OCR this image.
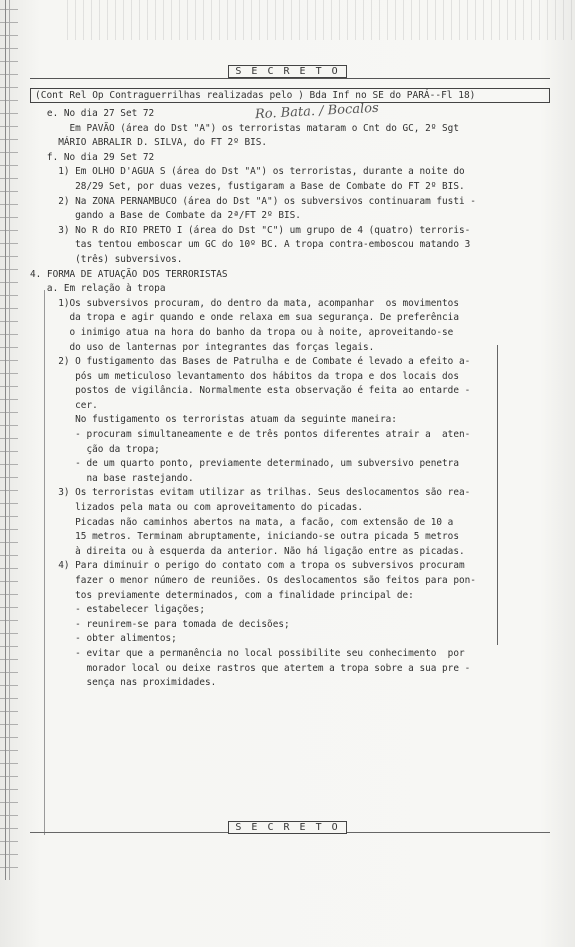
S E C R E T O
(Cont Rel Op Contraguerrilhas realizadas pelo ) Bda Inf no SE do PARÁ--Fl 18)
Ro. Bata. / Bocalos

e. No dia 27 Set 72

Em PAVÃO (área do Dst "A") os terroristas mataram o Cnt do GC, 2º Sgt

MÁRIO ABRALIR D. SILVA, do FT 2º BIS.

f. No dia 29 Set 72

1) Em OLHO D'AGUA S (área do Dst "A") os terroristas, durante a noite do

28/29 Set, por duas vezes, fustigaram a Base de Combate do FT 2º BIS.

2) Na ZONA PERNAMBUCO (área do Dst "A") os subversivos continuaram fusti -

gando a Base de Combate da 2ª/FT 2º BIS.

3) No R do RIO PRETO I (área do Dst "C") um grupo de 4 (quatro) terroris-

tas tentou emboscar um GC do 10º BC. A tropa contra-emboscou matando 3

(três) subversivos.

4. FORMA DE ATUAÇÃO DOS TERRORISTAS

a. Em relação à tropa

1)Os subversivos procuram, do dentro da mata, acompanhar  os movimentos

da tropa e agir quando e onde relaxa em sua segurança. De preferência

o inimigo atua na hora do banho da tropa ou à noite, aproveitando-se

do uso de lanternas por integrantes das forças legais.

2) O fustigamento das Bases de Patrulha e de Combate é levado a efeito a-

pós um meticuloso levantamento dos hábitos da tropa e dos locais dos

postos de vigilância. Normalmente esta observação é feita ao entarde -

cer.

No fustigamento os terroristas atuam da seguinte maneira:

- procuram simultaneamente e de três pontos diferentes atrair a  aten-

ção da tropa;

- de um quarto ponto, previamente determinado, um subversivo penetra

na base rastejando.

3) Os terroristas evitam utilizar as trilhas. Seus deslocamentos são rea-

lizados pela mata ou com aproveitamento do picadas.

Picadas não caminhos abertos na mata, a facão, com extensão de 10 a

15 metros. Terminam abruptamente, iniciando-se outra picada 5 metros

à direita ou à esquerda da anterior. Não há ligação entre as picadas.

4) Para diminuir o perigo do contato com a tropa os subversivos procuram

fazer o menor número de reuniões. Os deslocamentos são feitos para pon-

tos previamente determinados, com a finalidade principal de:

- estabelecer ligações;

- reunirem-se para tomada de decisões;

- obter alimentos;

- evitar que a permanência no local possibilite seu conhecimento  por

morador local ou deixe rastros que atertem a tropa sobre a sua pre -

sença nas proximidades.

S E C R E T O
